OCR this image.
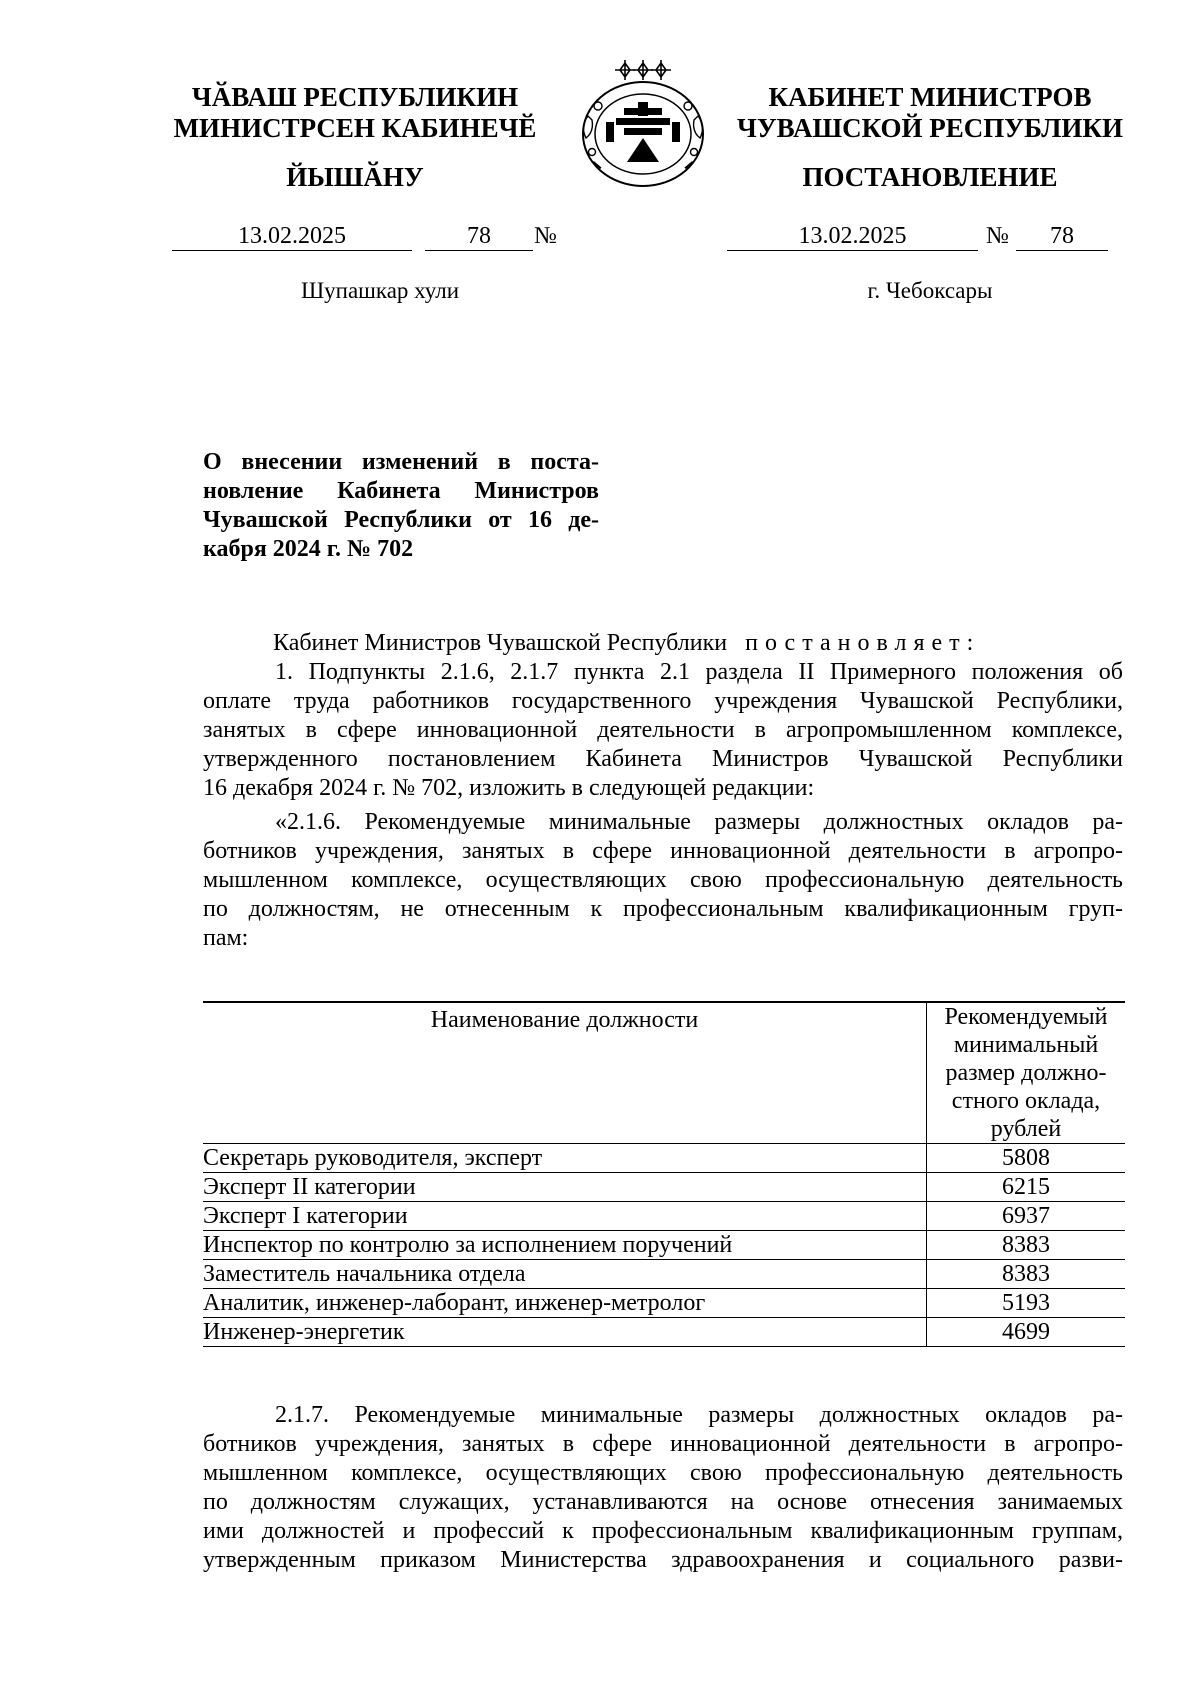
ЧӐВАШ РЕСПУБЛИКИН
МИНИСТРСЕН КАБИНЕЧӖ
ЙЫШӐНУ
КАБИНЕТ МИНИСТРОВ
ЧУВАШСКОЙ РЕСПУБЛИКИ
ПОСТАНОВЛЕНИЕ
13.02.2025	78	№	13.02.2025	№	78
Шупашкар хули	г. Чебоксары
О внесении изменений в поста-
новление Кабинета Министров
Чувашской Республики от 16 де-
кабря 2024 г. № 702
Кабинет Министров Чувашской Республики постановляет:
1. Подпункты 2.1.6, 2.1.7 пункта 2.1 раздела II Примерного положения об
оплате труда работников государственного учреждения Чувашской Республики,
занятых в сфере инновационной деятельности в агропромышленном комплексе,
утвержденного постановлением Кабинета Министров Чувашской Республики
16 декабря 2024 г. № 702, изложить в следующей редакции:
«2.1.6. Рекомендуемые минимальные размеры должностных окладов ра-
ботников учреждения, занятых в сфере инновационной деятельности в агропро-
мышленном комплексе, осуществляющих свою профессиональную деятельность
по должностям, не отнесенным к профессиональным квалификационным груп-
пам:
Наименование должности	Рекомендуемый
минимальный
размер должно-
стного оклада,
рублей

Секретарь руководителя, эксперт	5808
Эксперт II категории	6215
Эксперт I категории	6937
Инспектор по контролю за исполнением поручений	8383
Заместитель начальника отдела	8383
Аналитик, инженер-лаборант, инженер-метролог	5193
Инженер-энергетик	4699
2.1.7. Рекомендуемые минимальные размеры должностных окладов ра-
ботников учреждения, занятых в сфере инновационной деятельности в агропро-
мышленном комплексе, осуществляющих свою профессиональную деятельность
по должностям служащих, устанавливаются на основе отнесения занимаемых
ими должностей и профессий к профессиональным квалификационным группам,
утвержденным приказом Министерства здравоохранения и социального разви-
